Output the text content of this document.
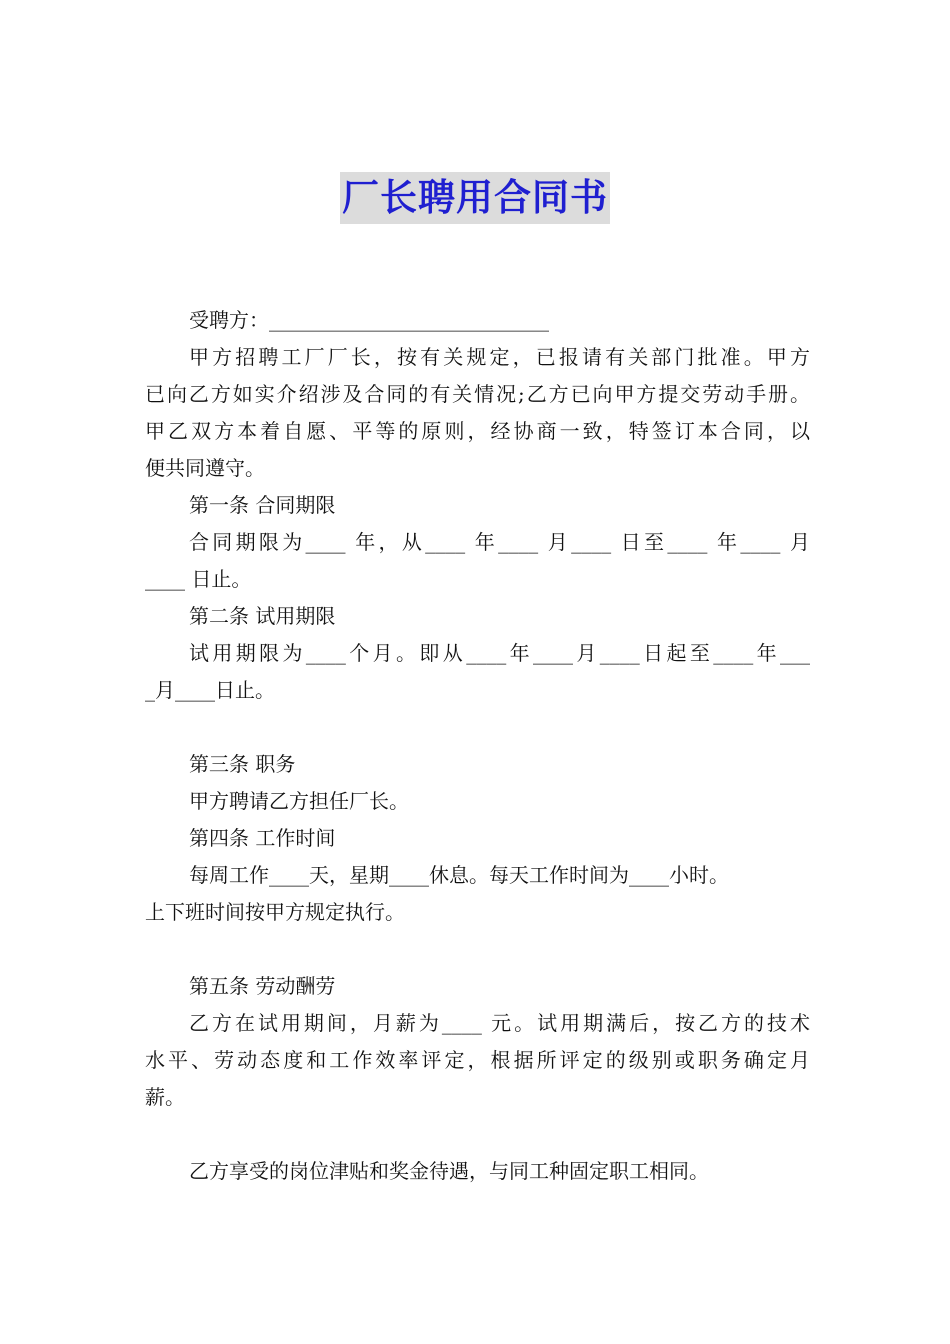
厂长聘用合同书
受聘方：____________________________
甲方招聘工厂厂长，按有关规定，已报请有关部门批准。甲方
已向乙方如实介绍涉及合同的有关情况;乙方已向甲方提交劳动手册。
甲乙双方本着自愿、平等的原则，经协商一致，特签订本合同，以
便共同遵守。
第一条 合同期限
合同期限为____ 年，从____ 年____ 月____ 日至____ 年____ 月
____ 日止。
第二条 试用期限
试用期限为____个月。即从____年____月____日起至____年___
_月____日止。
第三条 职务
甲方聘请乙方担任厂长。
第四条 工作时间
每周工作____天，星期____休息。每天工作时间为____小时。
上下班时间按甲方规定执行。
第五条 劳动酬劳
乙方在试用期间，月薪为____ 元。试用期满后，按乙方的技术
水平、劳动态度和工作效率评定，根据所评定的级别或职务确定月
薪。
乙方享受的岗位津贴和奖金待遇，与同工种固定职工相同。
